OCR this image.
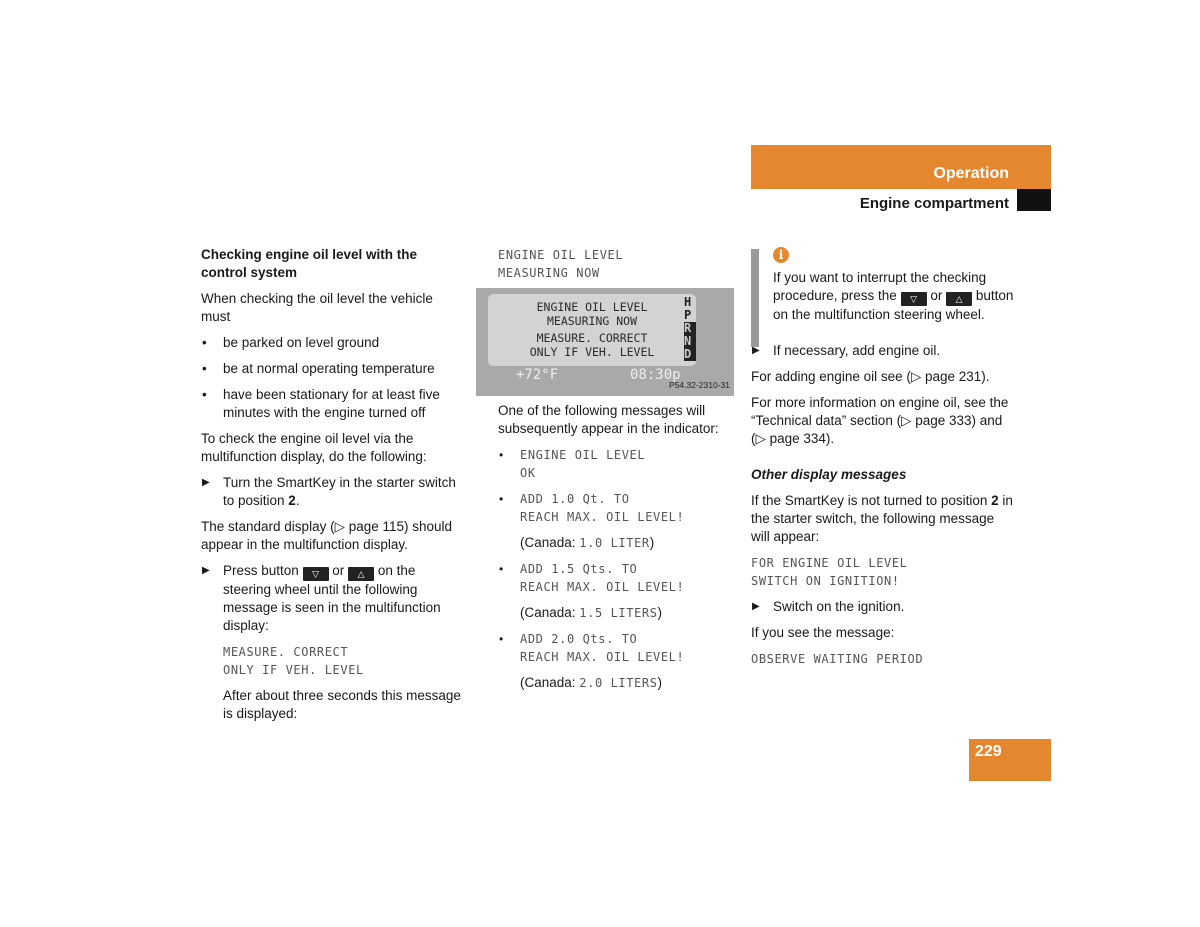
Operation
Engine compartment

Checking engine oil level with the control system

When checking the oil level the vehicle must

• be parked on level ground
• be at normal operating temperature
• have been stationary for at least five minutes with the engine turned off

To check the engine oil level via the multifunction display, do the following:

▶ Turn the SmartKey in the starter switch to position 2.

The standard display (▷ page 115) should appear in the multifunction display.

▶ Press button ▽ or △ on the steering wheel until the following message is seen in the multifunction display:
MEASURE. CORRECT
ONLY IF VEH. LEVEL

After about three seconds this message is displayed:

ENGINE OIL LEVEL
MEASURING NOW
ENGINE OIL LEVEL
MEASURING NOW
MEASURE. CORRECT
ONLY IF VEH. LEVEL
H
P
R
N
D
+72°F	08:30p
P54.32-2310-31

One of the following messages will subsequently appear in the indicator:

• ENGINE OIL LEVEL
OK
• ADD 1.0 Qt. TO
REACH MAX. OIL LEVEL!

(Canada: 1.0 LITER)

• ADD 1.5 Qts. TO
REACH MAX. OIL LEVEL!

(Canada: 1.5 LITERS)

• ADD 2.0 Qts. TO
REACH MAX. OIL LEVEL!

(Canada: 2.0 LITERS)

i

If you want to interrupt the checking procedure, press the ▽ or △ button on the multifunction steering wheel.

▶ If necessary, add engine oil.

For adding engine oil see (▷ page 231).

For more information on engine oil, see the “Technical data” section (▷ page 333) and (▷ page 334).

Other display messages

If the SmartKey is not turned to position 2 in the starter switch, the following message will appear:

FOR ENGINE OIL LEVEL
SWITCH ON IGNITION!
▶ Switch on the ignition.

If you see the message:

OBSERVE WAITING PERIOD
229
